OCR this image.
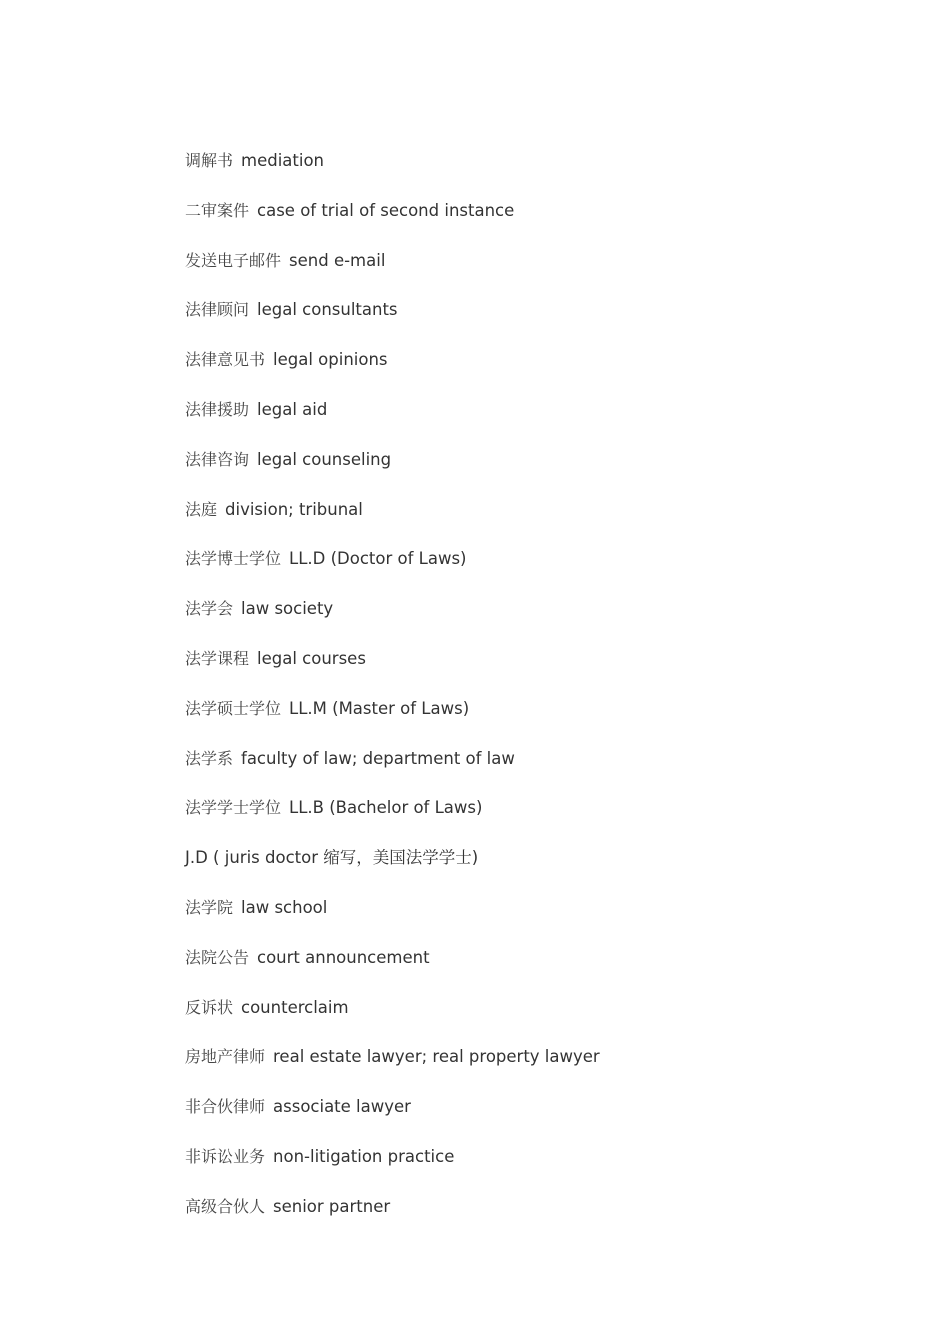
调解书 mediation
二审案件 case of trial of second instance
发送电子邮件 send e-mail
法律顾问 legal consultants
法律意见书 legal opinions
法律援助 legal aid
法律咨询 legal counseling
法庭 division; tribunal
法学博士学位 LL.D (Doctor of Laws)
法学会 law society
法学课程 legal courses
法学硕士学位 LL.M (Master of Laws)
法学系 faculty of law; department of law
法学学士学位 LL.B (Bachelor of Laws)
J.D ( juris doctor 缩写，美国法学学士)
法学院 law school
法院公告 court announcement
反诉状 counterclaim
房地产律师 real estate lawyer; real property lawyer
非合伙律师 associate lawyer
非诉讼业务 non-litigation practice
高级合伙人 senior partner
